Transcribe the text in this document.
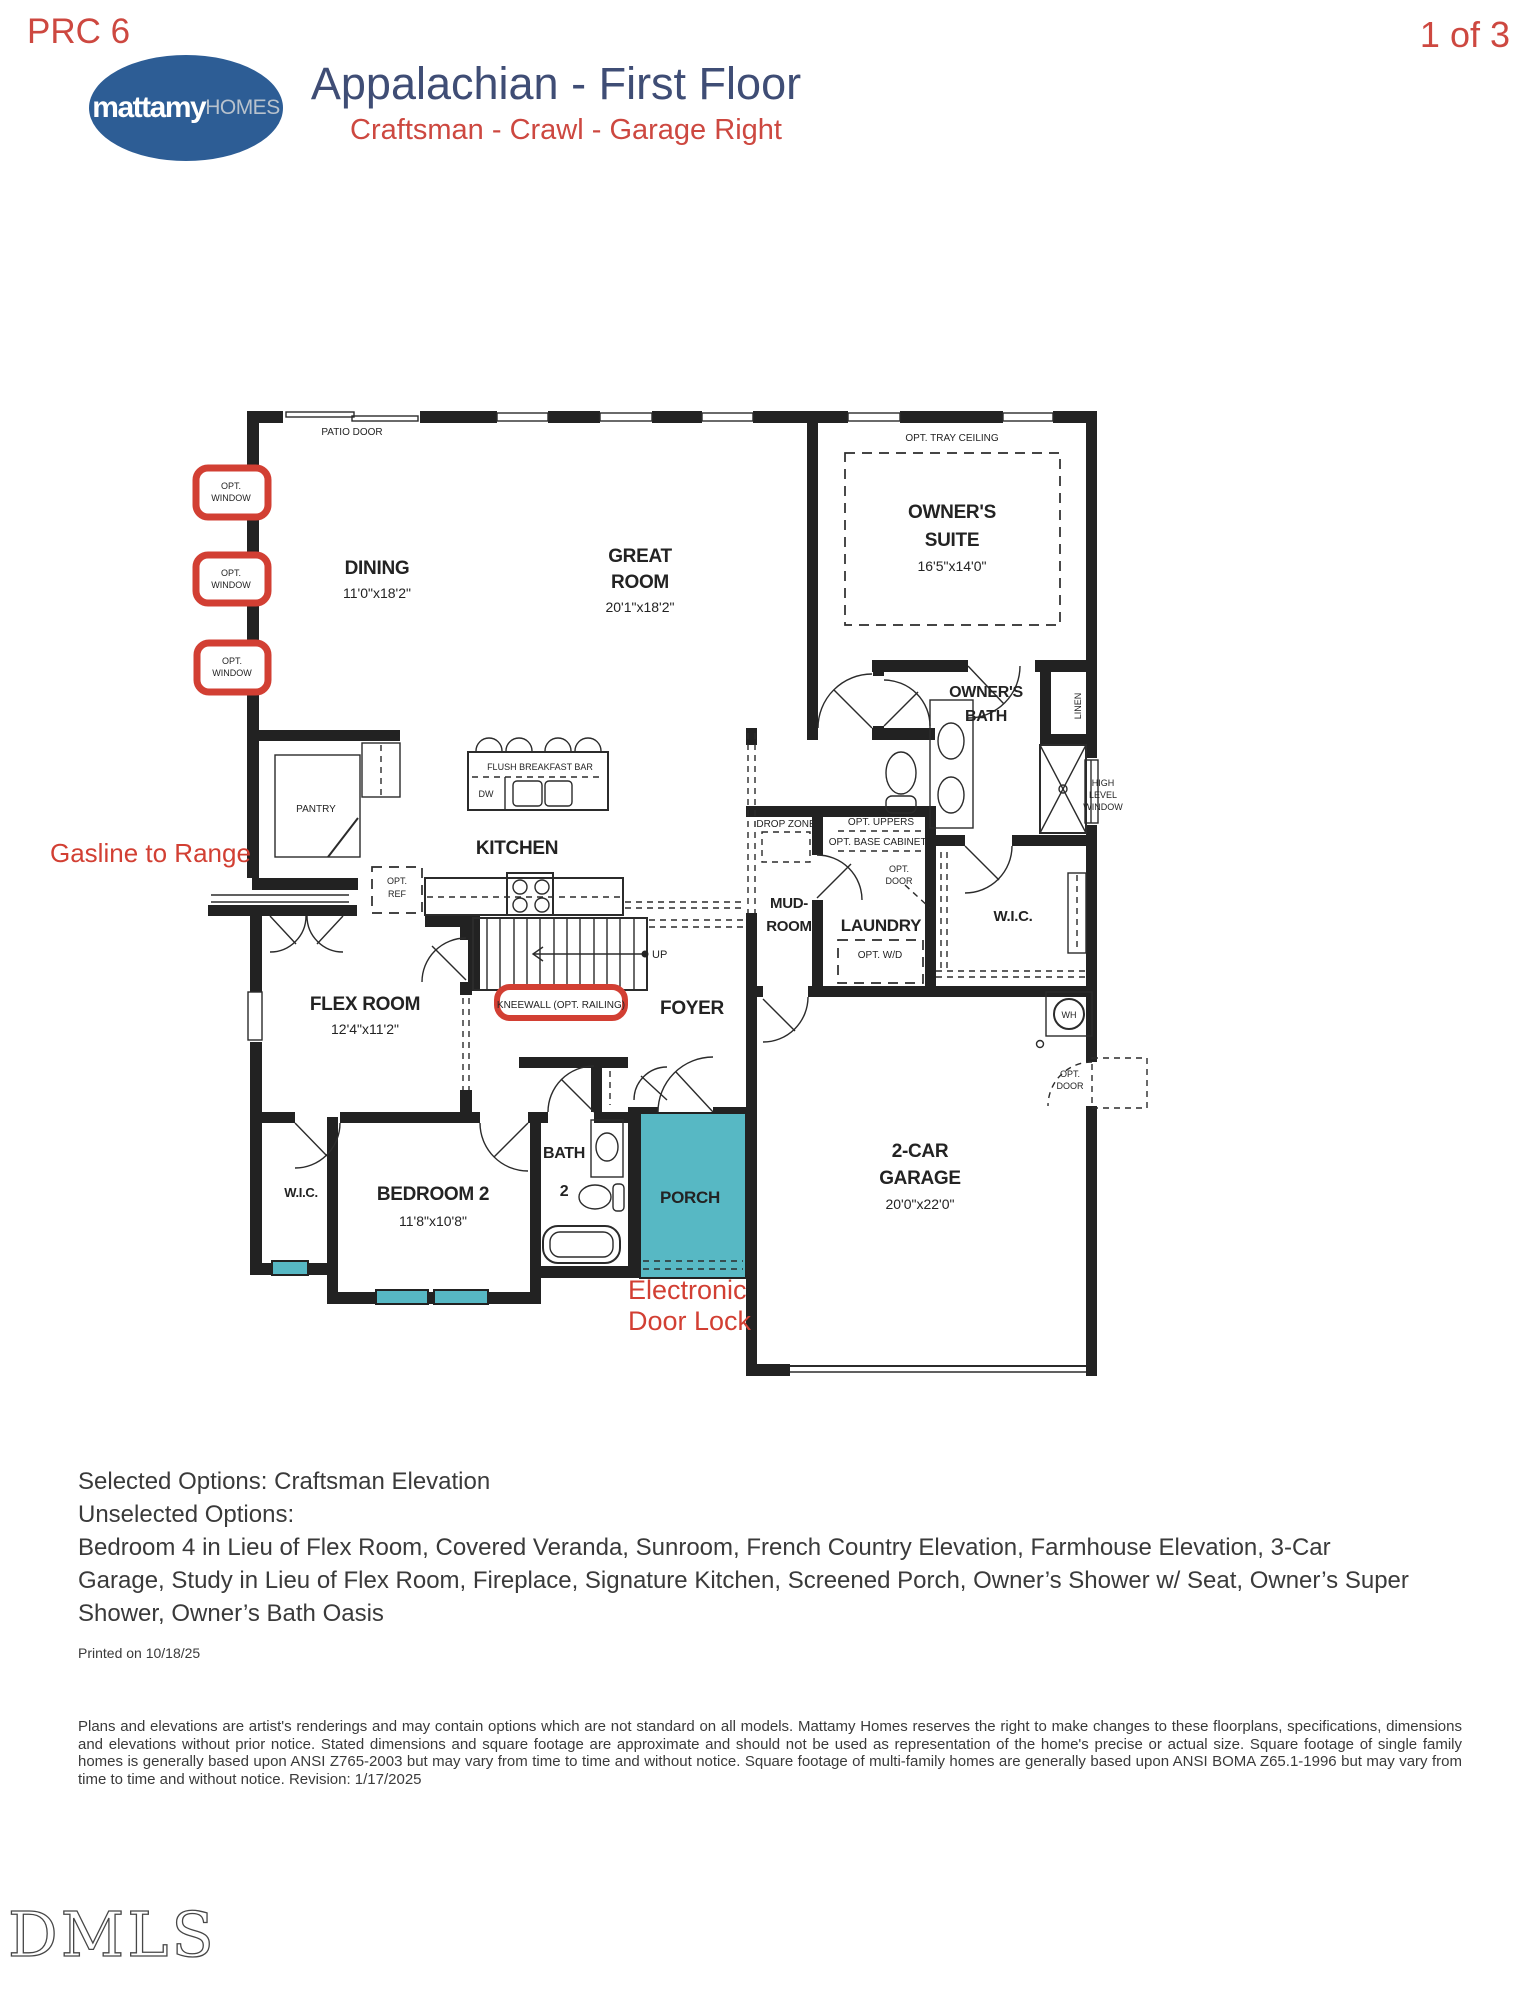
PRC 6	1 of 3
mattamy HOMES Appalachian - First Floor
Craftsman - Crawl - Garage Right
PATIO DOOR
OPT. TRAY CEILING
DINING
11'0"x18'2"
GREAT
ROOM
20'1"x18'2"
OWNER'S
SUITE
16'5"x14'0"
OWNER'S
BATH	LINEN
HIGH
LEVEL
WINDOW
PANTRY
FLUSH BREAKFAST BAR
DW
OPT.
REF
KITCHEN
DROP ZONE	OPT. UPPERS
OPT. BASE CABINETS
OPT.
DOOR
MUD-
ROOM LAUNDRY
OPT. W/D
W.I.C.
UP
FLEX ROOM
12'4"x11'2"
FOYER
W.I.C.	BEDROOM 2
11'8"x10'8"
BATH
2	PORCH
2-CAR
GARAGE
20'0"x22'0"
WH
OPT.
DOOR
OPT.
WINDOW
OPT.
WINDOW
OPT.
WINDOW
KNEEWALL (OPT. RAILING)
Gasline to Range
Electronic
Door Lock
Selected Options: Craftsman Elevation
Unselected Options:
Bedroom 4 in Lieu of Flex Room, Covered Veranda, Sunroom, French Country Elevation, Farmhouse Elevation, 3-Car Garage, Study in Lieu of Flex Room, Fireplace, Signature Kitchen, Screened Porch, Owner’s Shower w/ Seat, Owner’s Super Shower, Owner’s Bath Oasis
Printed on 10/18/25
Plans and elevations are artist's renderings and may contain options which are not standard on all models. Mattamy Homes reserves the right to make changes to these floorplans, specifications, dimensions and elevations without prior notice. Stated dimensions and square footage are approximate and should not be used as representation of the home's precise or actual size. Square footage of single family homes is generally based upon ANSI Z765-2003 but may vary from time to time and without notice. Square footage of multi-family homes are generally based upon ANSI BOMA Z65.1-1996 but may vary from time to time and without notice. Revision: 1/17/2025
DMLS
